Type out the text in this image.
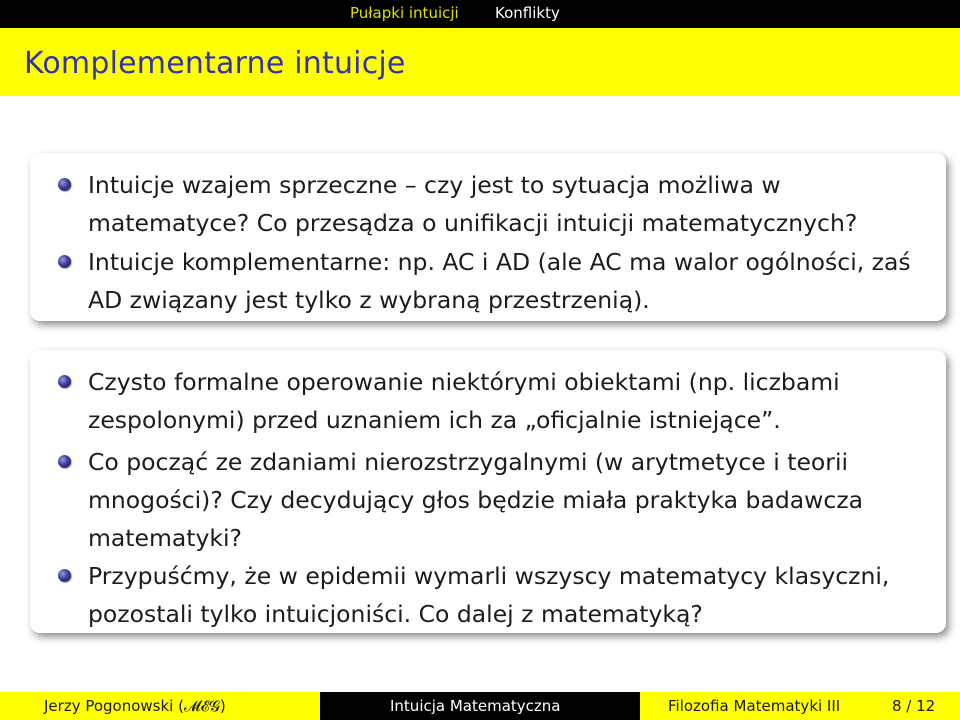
Pułapki intuicji Konflikty
Komplementarne intuicje
Intuicje wzajem sprzeczne – czy jest to sytuacja możliwa w matematyce? Co przesądza o unifikacji intuicji matematycznych?
Intuicje komplementarne: np. AC i AD (ale AC ma walor ogólności, zaś AD związany jest tylko z wybraną przestrzenią).
Czysto formalne operowanie niektórymi obiektami (np. liczbami zespolonymi) przed uznaniem ich za „oficjalnie istniejące”.
Co począć ze zdaniami nierozstrzygalnymi (w arytmetyce i teorii mnogości)? Czy decydujący głos będzie miała praktyka badawcza matematyki?
Przypuśćmy, że w epidemii wymarli wszyscy matematycy klasyczni, pozostali tylko intuicjoniści. Co dalej z matematyką?
Jerzy Pogonowski (𝓜𝓔𝓖)	Intuicja Matematyczna	Filozofia Matematyki III	8 / 12
